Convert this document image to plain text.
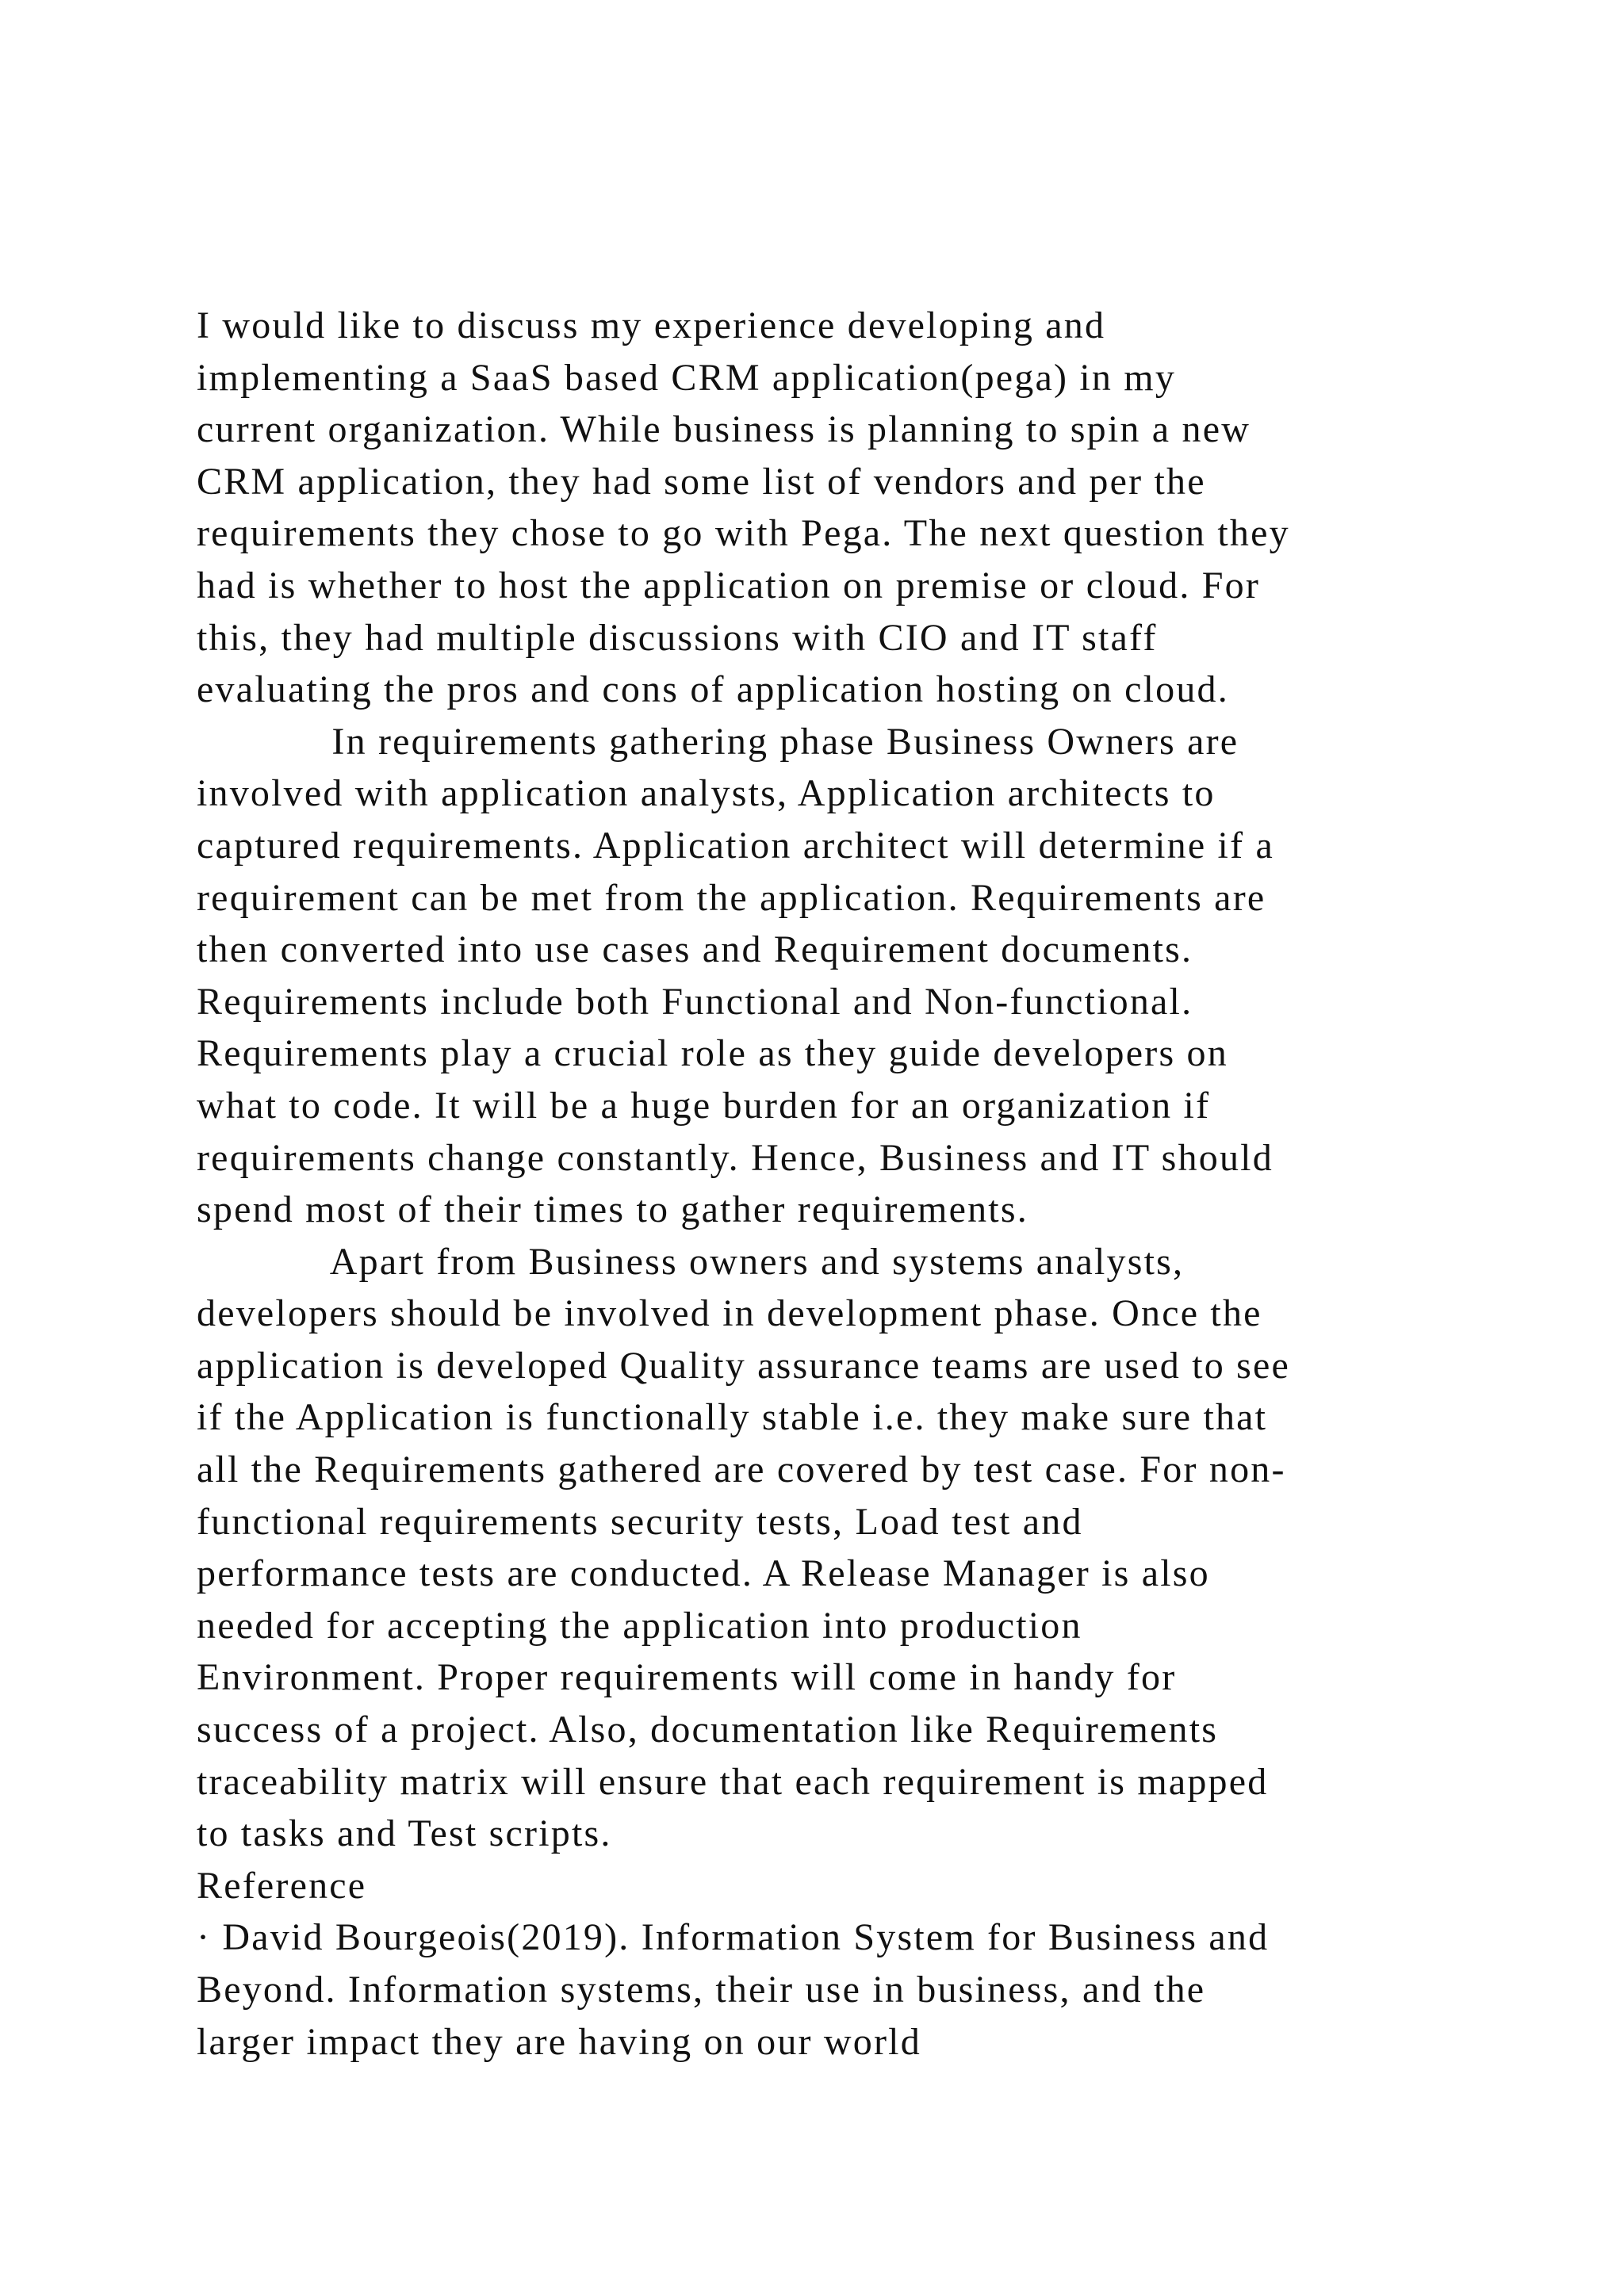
I would like to discuss my experience developing and
implementing a SaaS based CRM application(pega) in my
current organization. While business is planning to spin a new
CRM application, they had some list of vendors and per the
requirements they chose to go with Pega. The next question they
had is whether to host the application on premise or cloud. For
this, they had multiple discussions with CIO and IT staff
evaluating the pros and cons of application hosting on cloud.
In requirements gathering phase Business Owners are
involved with application analysts, Application architects to
captured requirements. Application architect will determine if a
requirement can be met from the application. Requirements are
then converted into use cases and Requirement documents.
Requirements include both Functional and Non-functional.
Requirements play a crucial role as they guide developers on
what to code. It will be a huge burden for an organization if
requirements change constantly. Hence, Business and IT should
spend most of their times to gather requirements.
Apart from Business owners and systems analysts,
developers should be involved in development phase. Once the
application is developed Quality assurance teams are used to see
if the Application is functionally stable i.e. they make sure that
all the Requirements gathered are covered by test case. For non-
functional requirements security tests, Load test and
performance tests are conducted. A Release Manager is also
needed for accepting the application into production
Environment. Proper requirements will come in handy for
success of a project. Also, documentation like Requirements
traceability matrix will ensure that each requirement is mapped
to tasks and Test scripts.
Reference
· David Bourgeois(2019). Information System for Business and
Beyond. Information systems, their use in business, and the
larger impact they are having on our world
